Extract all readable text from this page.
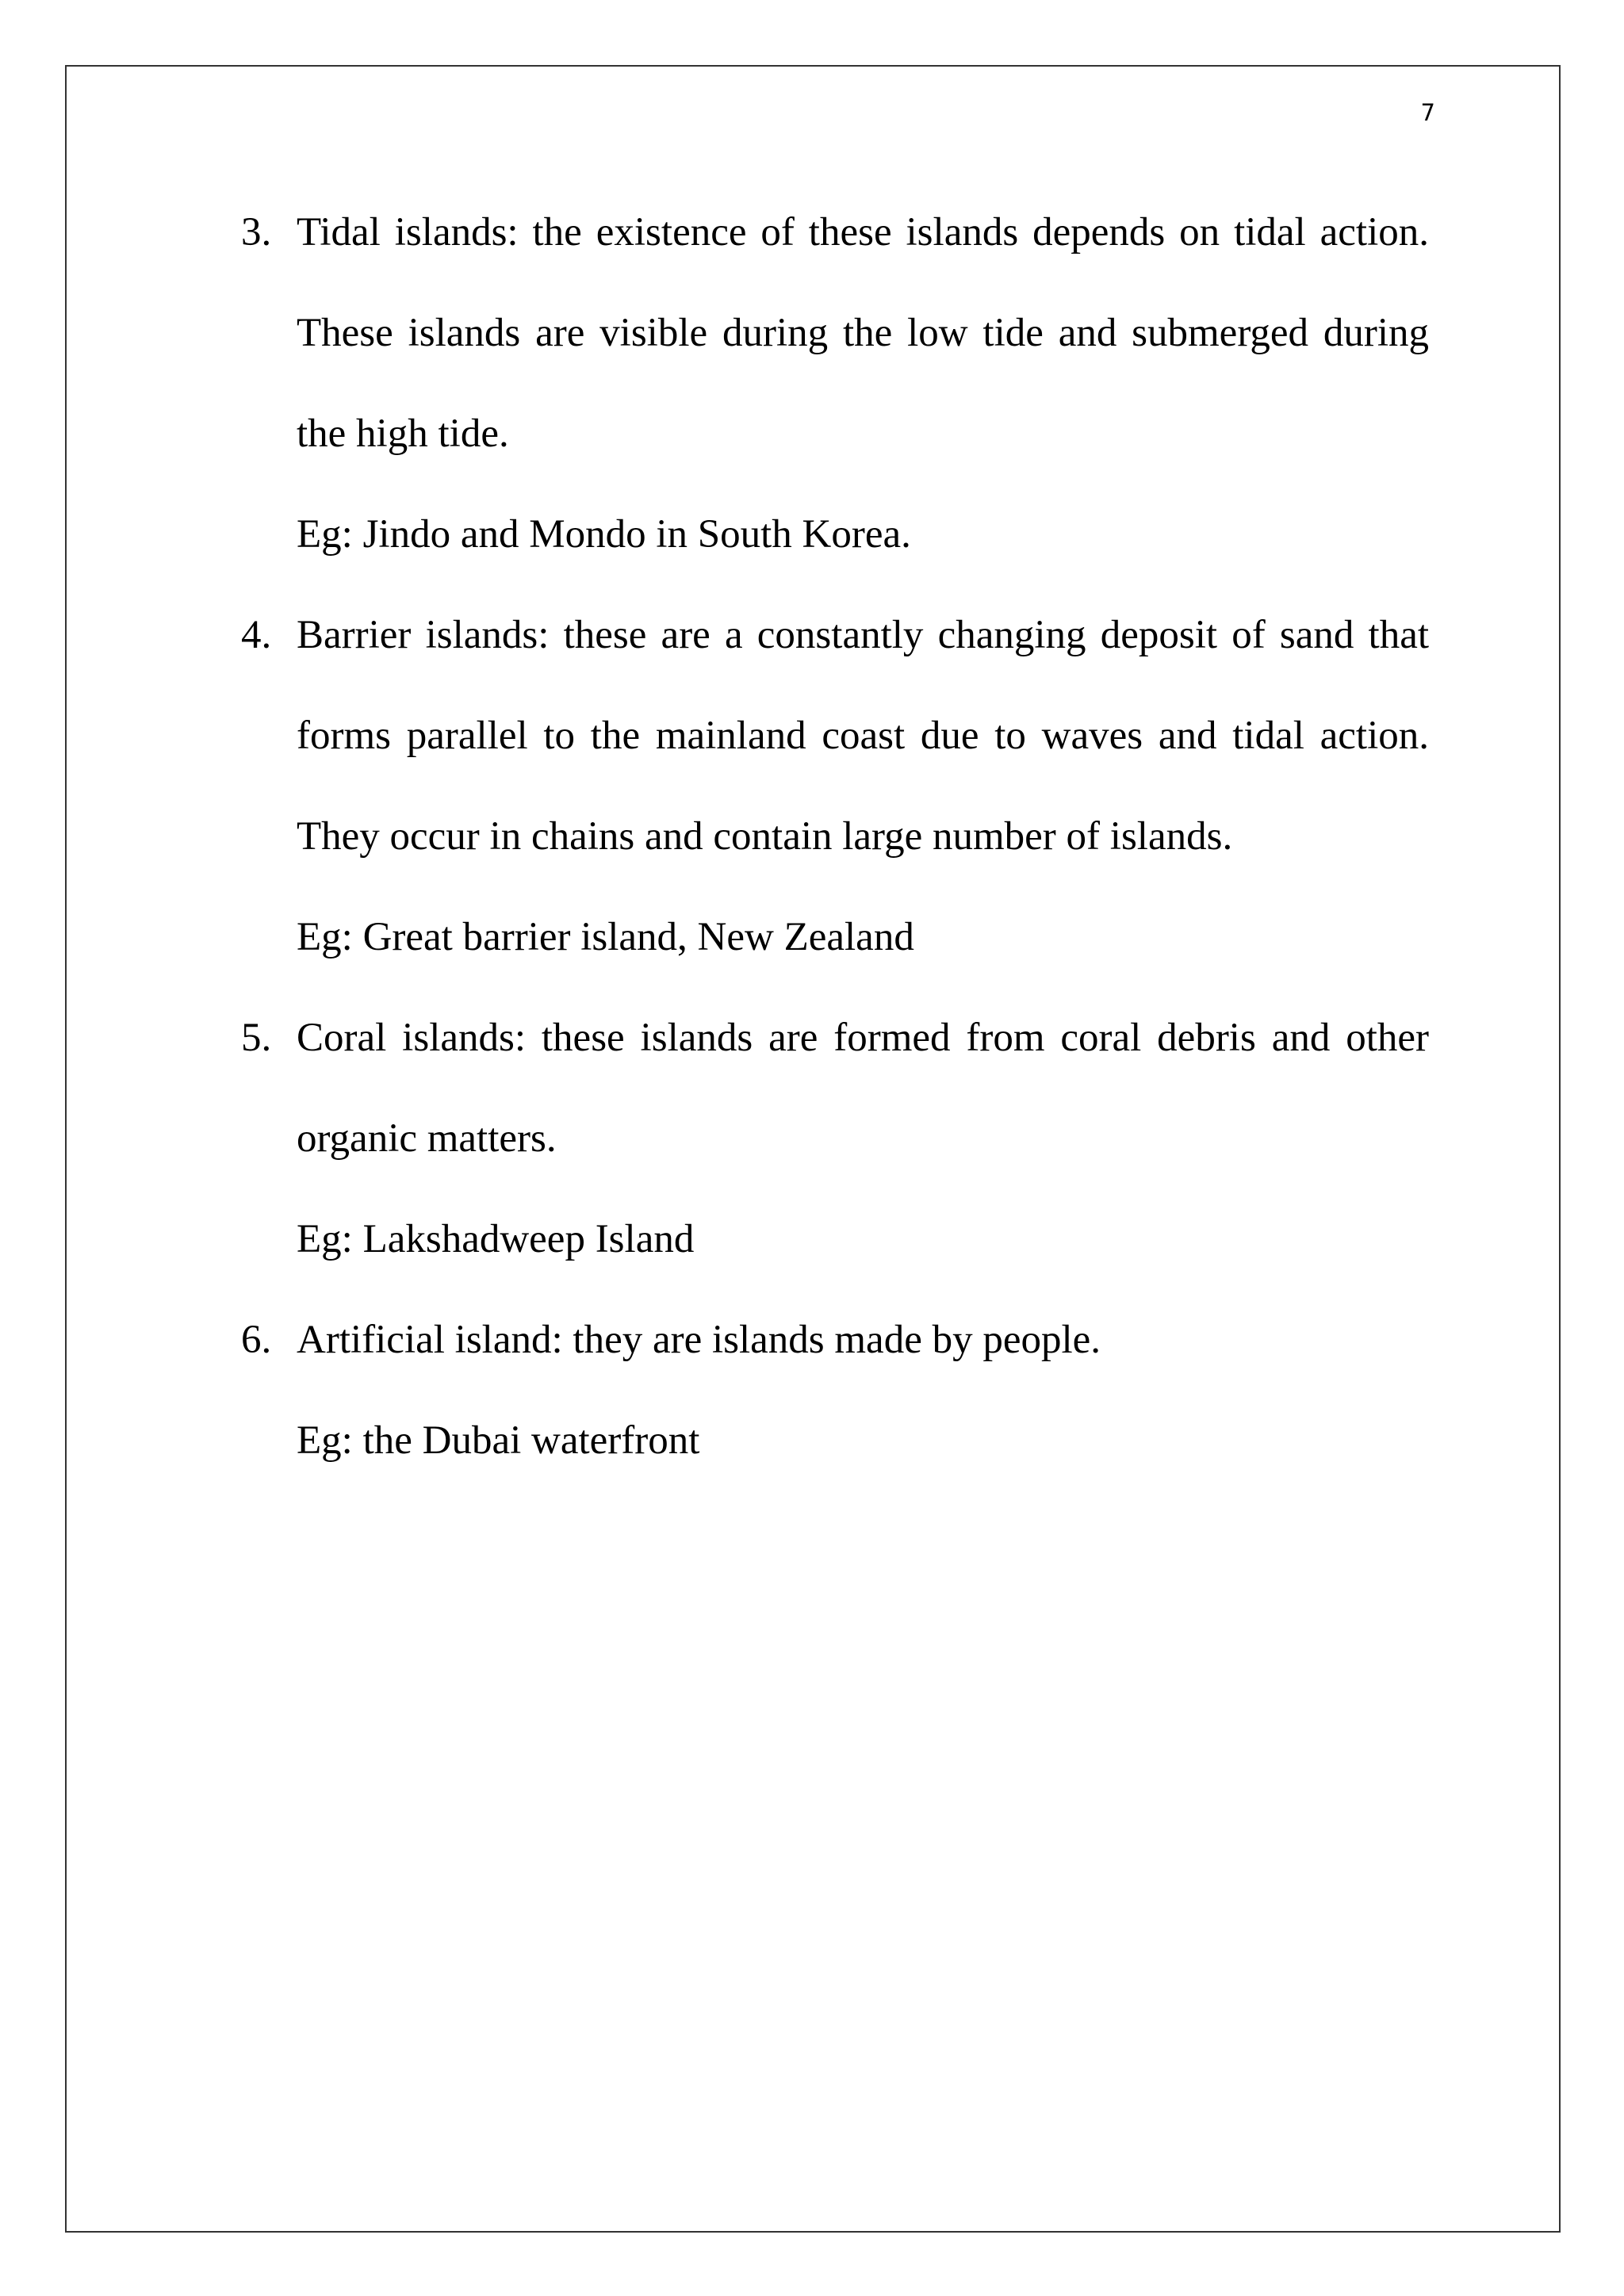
7
3. Tidal islands: the existence of these islands depends on tidal action. These islands are visible during the low tide and submerged during the high tide.

Eg: Jindo and Mondo in South Korea.

4. Barrier islands: these are a constantly changing deposit of sand that forms parallel to the mainland coast due to waves and tidal action. They occur in chains and contain large number of islands.

Eg: Great barrier island, New Zealand

5. Coral islands: these islands are formed from coral debris and other organic matters.

Eg: Lakshadweep Island

6. Artificial island: they are islands made by people.

Eg: the Dubai waterfront
